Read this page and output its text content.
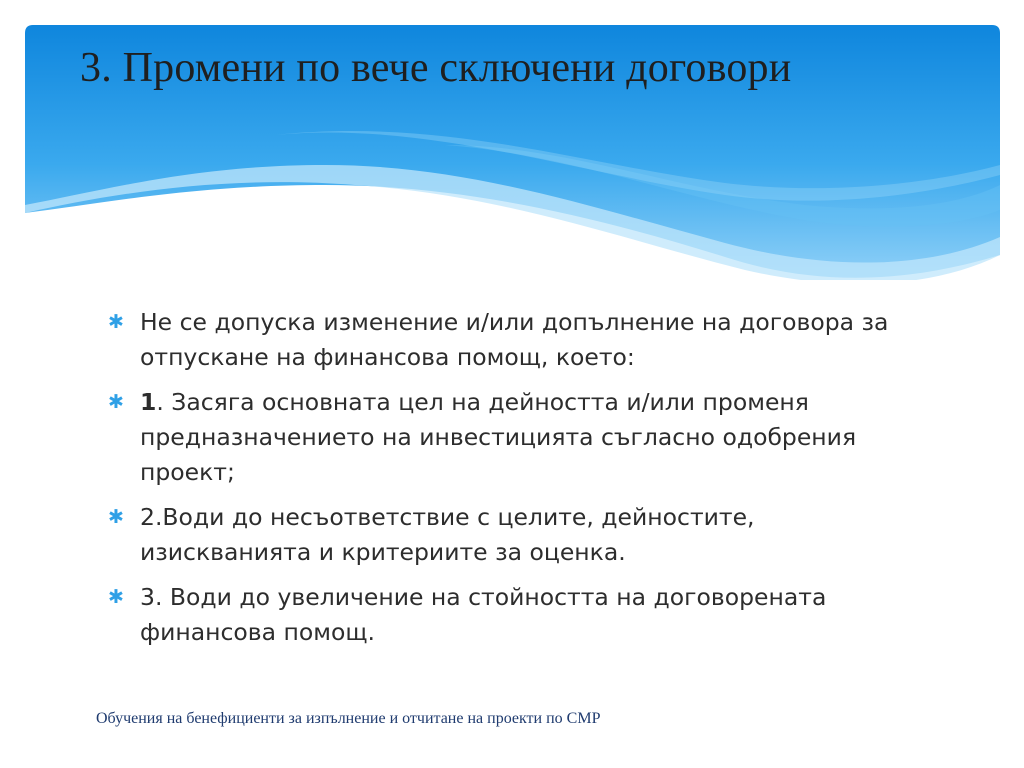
3. Промени по вече сключени договори
✱ Не се допуска изменение и/или допълнение на договора за отпускане на финансова помощ, което:
✱ 1. Засяга основната цел на дейността и/или променя предназначението на инвестицията съгласно одобрения проект;
✱ 2.Води до несъответствие с целите, дейностите, изискванията и критериите за оценка.
✱ 3. Води до увеличение на стойността на договорената финансова помощ.

Обучения на бенефициенти за изпълнение и отчитане на проекти по СМР
